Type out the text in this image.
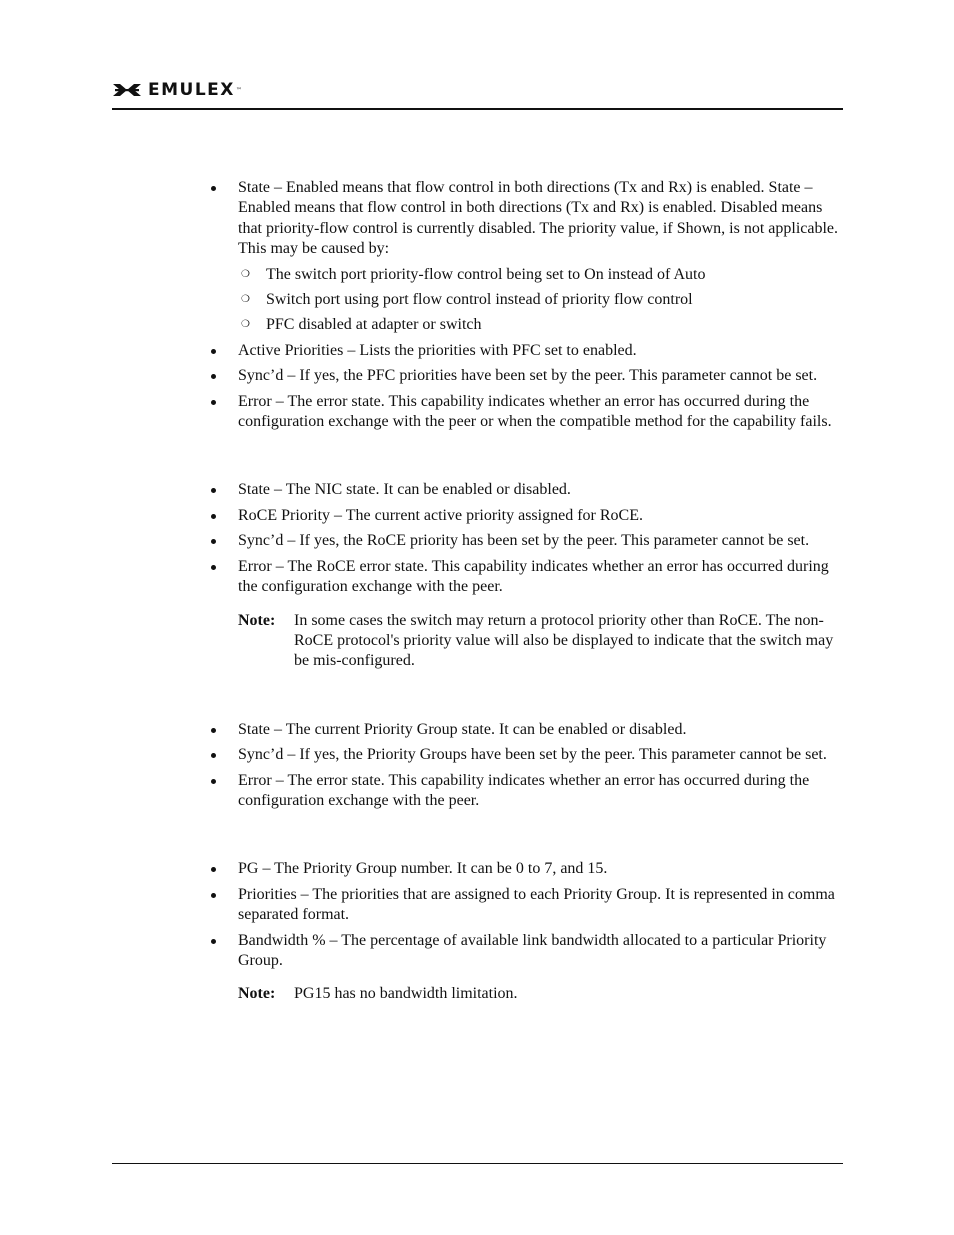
EMULEX ™
State – Enabled means that flow control in both directions (Tx and Rx) is enabled. State – Enabled means that flow control in both directions (Tx and Rx) is enabled. Disabled means that priority-flow control is currently disabled. The priority value, if Shown, is not applicable. This may be caused by:
❍ The switch port priority-flow control being set to On instead of Auto
❍ Switch port using port flow control instead of priority flow control
❍ PFC disabled at adapter or switch
Active Priorities – Lists the priorities with PFC set to enabled.
Sync’d – If yes, the PFC priorities have been set by the peer. This parameter cannot be set.
Error – The error state. This capability indicates whether an error has occurred during the configuration exchange with the peer or when the compatible method for the capability fails.
State – The NIC state. It can be enabled or disabled.
RoCE Priority – The current active priority assigned for RoCE.
Sync’d – If yes, the RoCE priority has been set by the peer. This parameter cannot be set.
Error – The RoCE error state. This capability indicates whether an error has occurred during the configuration exchange with the peer.
Note:	In some cases the switch may return a protocol priority other than RoCE. The non-RoCE protocol's priority value will also be displayed to indicate that the switch may be mis-configured.
State – The current Priority Group state. It can be enabled or disabled.
Sync’d – If yes, the Priority Groups have been set by the peer. This parameter cannot be set.
Error – The error state. This capability indicates whether an error has occurred during the configuration exchange with the peer.
PG – The Priority Group number. It can be 0 to 7, and 15.
Priorities – The priorities that are assigned to each Priority Group. It is represented in comma separated format.
Bandwidth % – The percentage of available link bandwidth allocated to a particular Priority Group.
Note:	PG15 has no bandwidth limitation.
